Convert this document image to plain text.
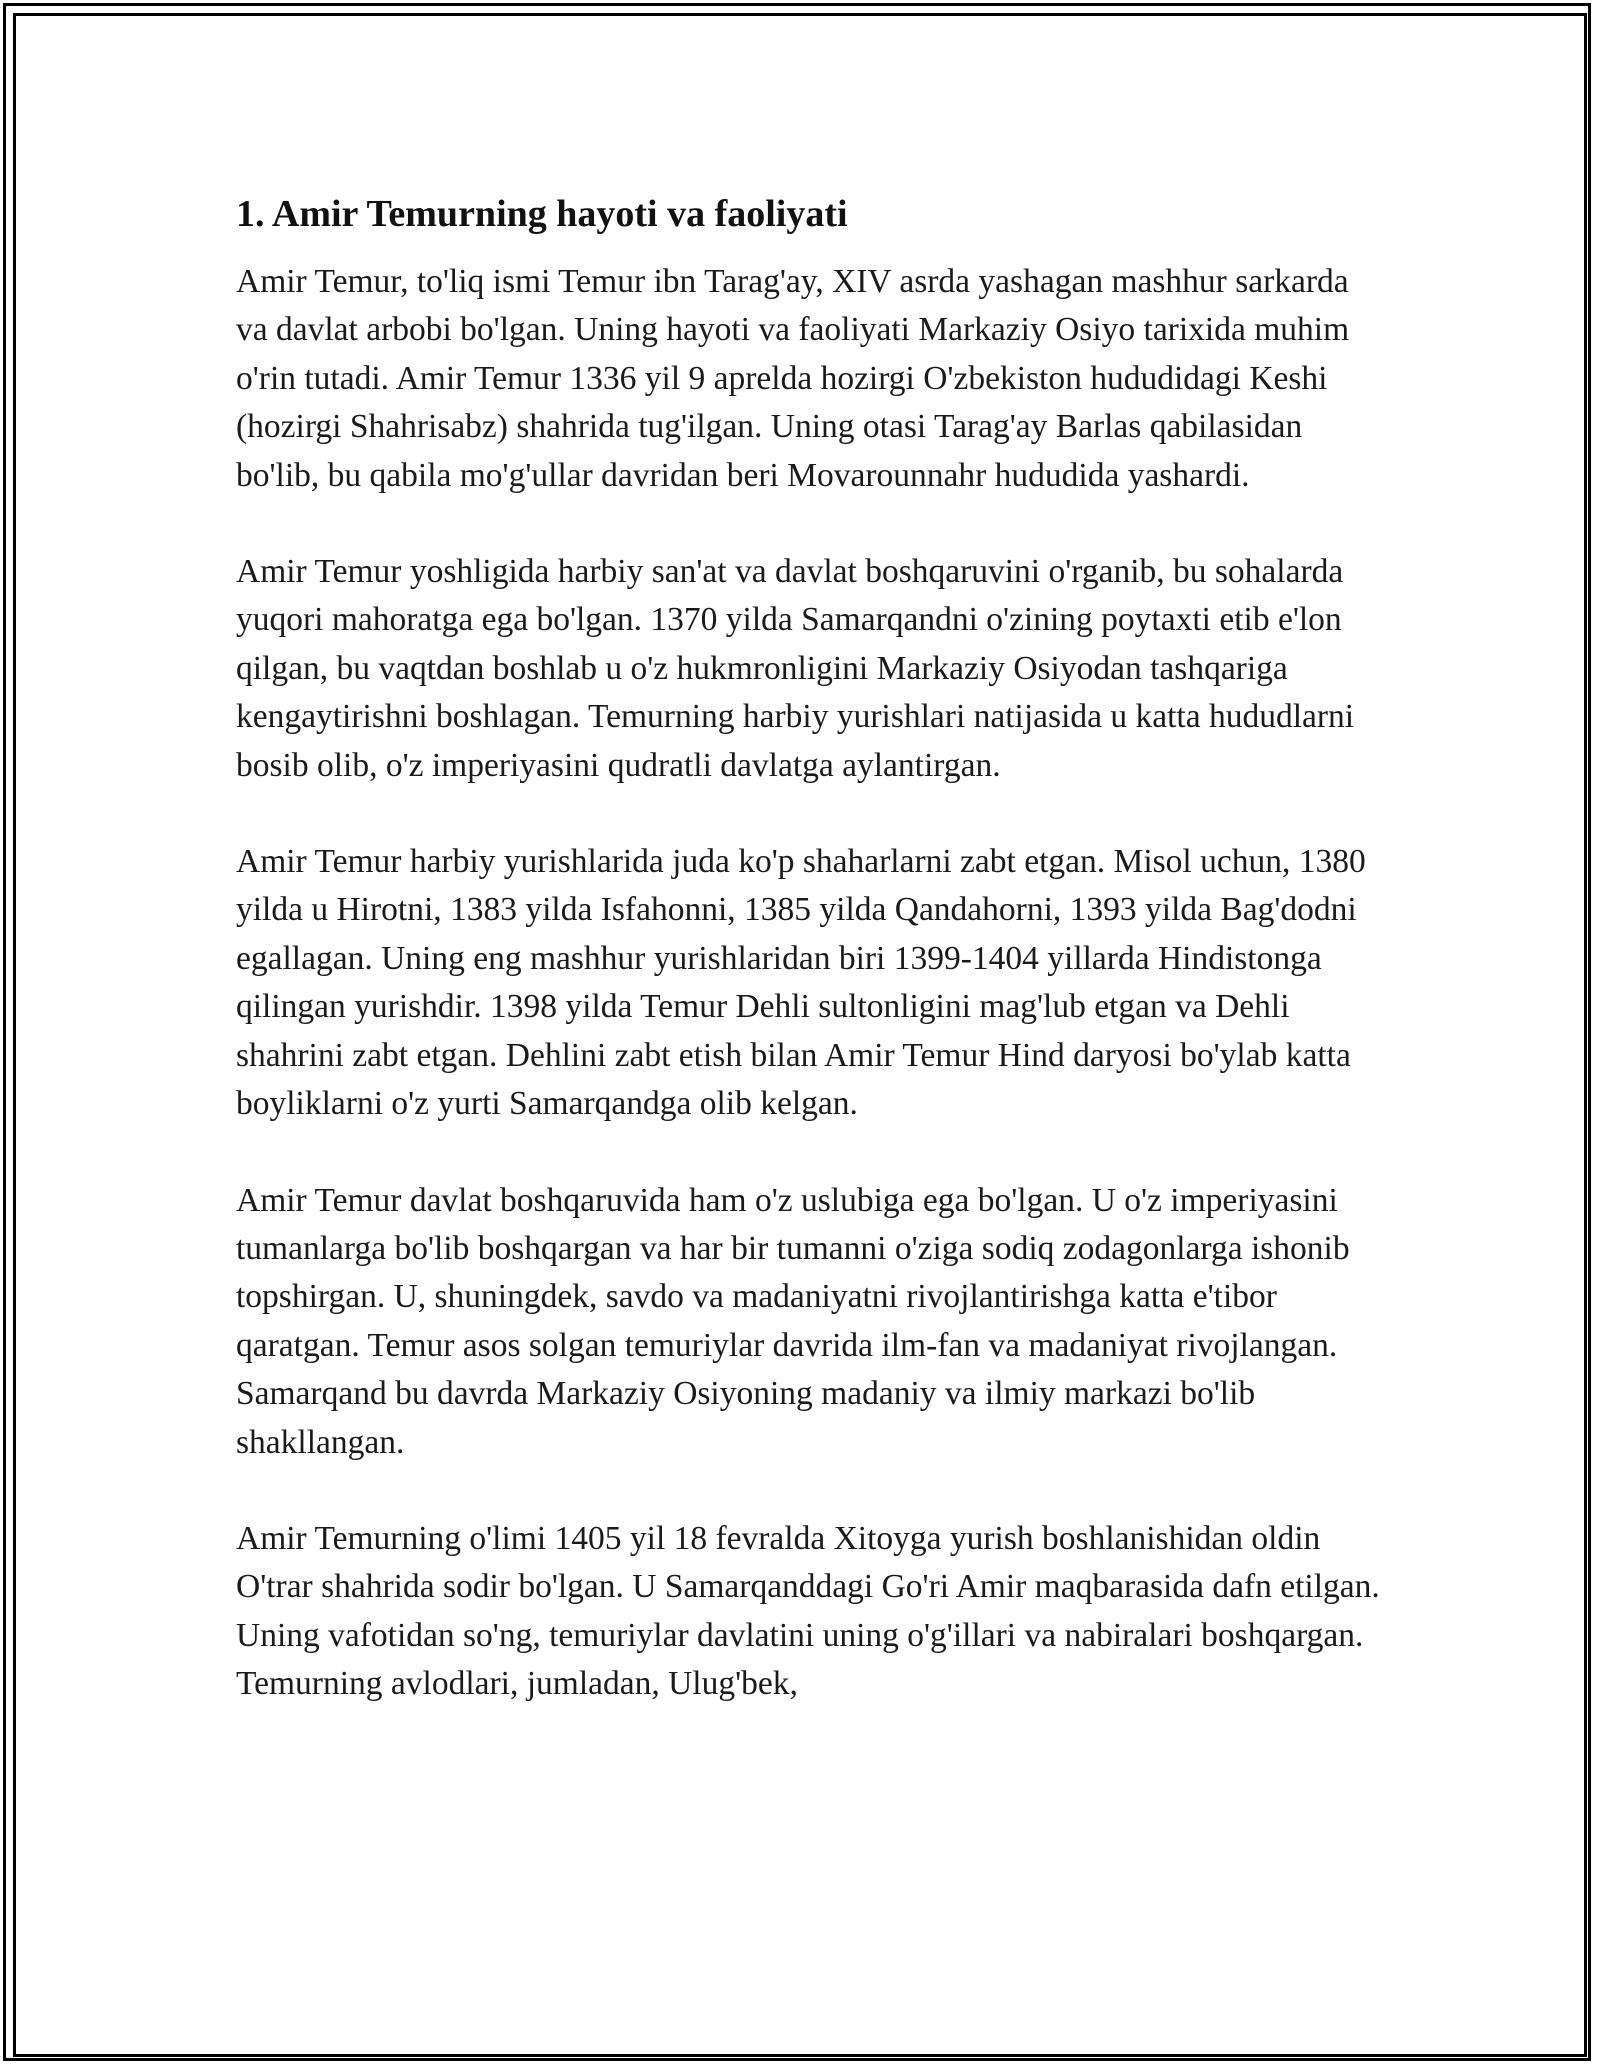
1. Amir Temurning hayoti va faoliyati

Amir Temur, to'liq ismi Temur ibn Tarag'ay, XIV asrda yashagan mashhur sarkarda va davlat arbobi bo'lgan. Uning hayoti va faoliyati Markaziy Osiyo tarixida muhim o'rin tutadi. Amir Temur 1336 yil 9 aprelda hozirgi O'zbekiston hududidagi Keshi (hozirgi Shahrisabz) shahrida tug'ilgan. Uning otasi Tarag'ay Barlas qabilasidan bo'lib, bu qabila mo'g'ullar davridan beri Movarounnahr hududida yashardi.

Amir Temur yoshligida harbiy san'at va davlat boshqaruvini o'rganib, bu sohalarda yuqori mahoratga ega bo'lgan. 1370 yilda Samarqandni o'zining poytaxti etib e'lon qilgan, bu vaqtdan boshlab u o'z hukmronligini Markaziy Osiyodan tashqariga kengaytirishni boshlagan. Temurning harbiy yurishlari natijasida u katta hududlarni bosib olib, o'z imperiyasini qudratli davlatga aylantirgan.

Amir Temur harbiy yurishlarida juda ko'p shaharlarni zabt etgan. Misol uchun, 1380 yilda u Hirotni, 1383 yilda Isfahonni, 1385 yilda Qandahorni, 1393 yilda Bag'dodni egallagan. Uning eng mashhur yurishlaridan biri 1399-1404 yillarda Hindistonga qilingan yurishdir. 1398 yilda Temur Dehli sultonligini mag'lub etgan va Dehli shahrini zabt etgan. Dehlini zabt etish bilan Amir Temur Hind daryosi bo'ylab katta boyliklarni o'z yurti Samarqandga olib kelgan.

Amir Temur davlat boshqaruvida ham o'z uslubiga ega bo'lgan. U o'z imperiyasini tumanlarga bo'lib boshqargan va har bir tumanni o'ziga sodiq zodagonlarga ishonib topshirgan. U, shuningdek, savdo va madaniyatni rivojlantirishga katta e'tibor qaratgan. Temur asos solgan temuriylar davrida ilm-fan va madaniyat rivojlangan. Samarqand bu davrda Markaziy Osiyoning madaniy va ilmiy markazi bo'lib shakllangan.

Amir Temurning o'limi 1405 yil 18 fevralda Xitoyga yurish boshlanishidan oldin O'trar shahrida sodir bo'lgan. U Samarqanddagi Go'ri Amir maqbarasida dafn etilgan. Uning vafotidan so'ng, temuriylar davlatini uning o'g'illari va nabiralari boshqargan. Temurning avlodlari, jumladan, Ulug'bek,
